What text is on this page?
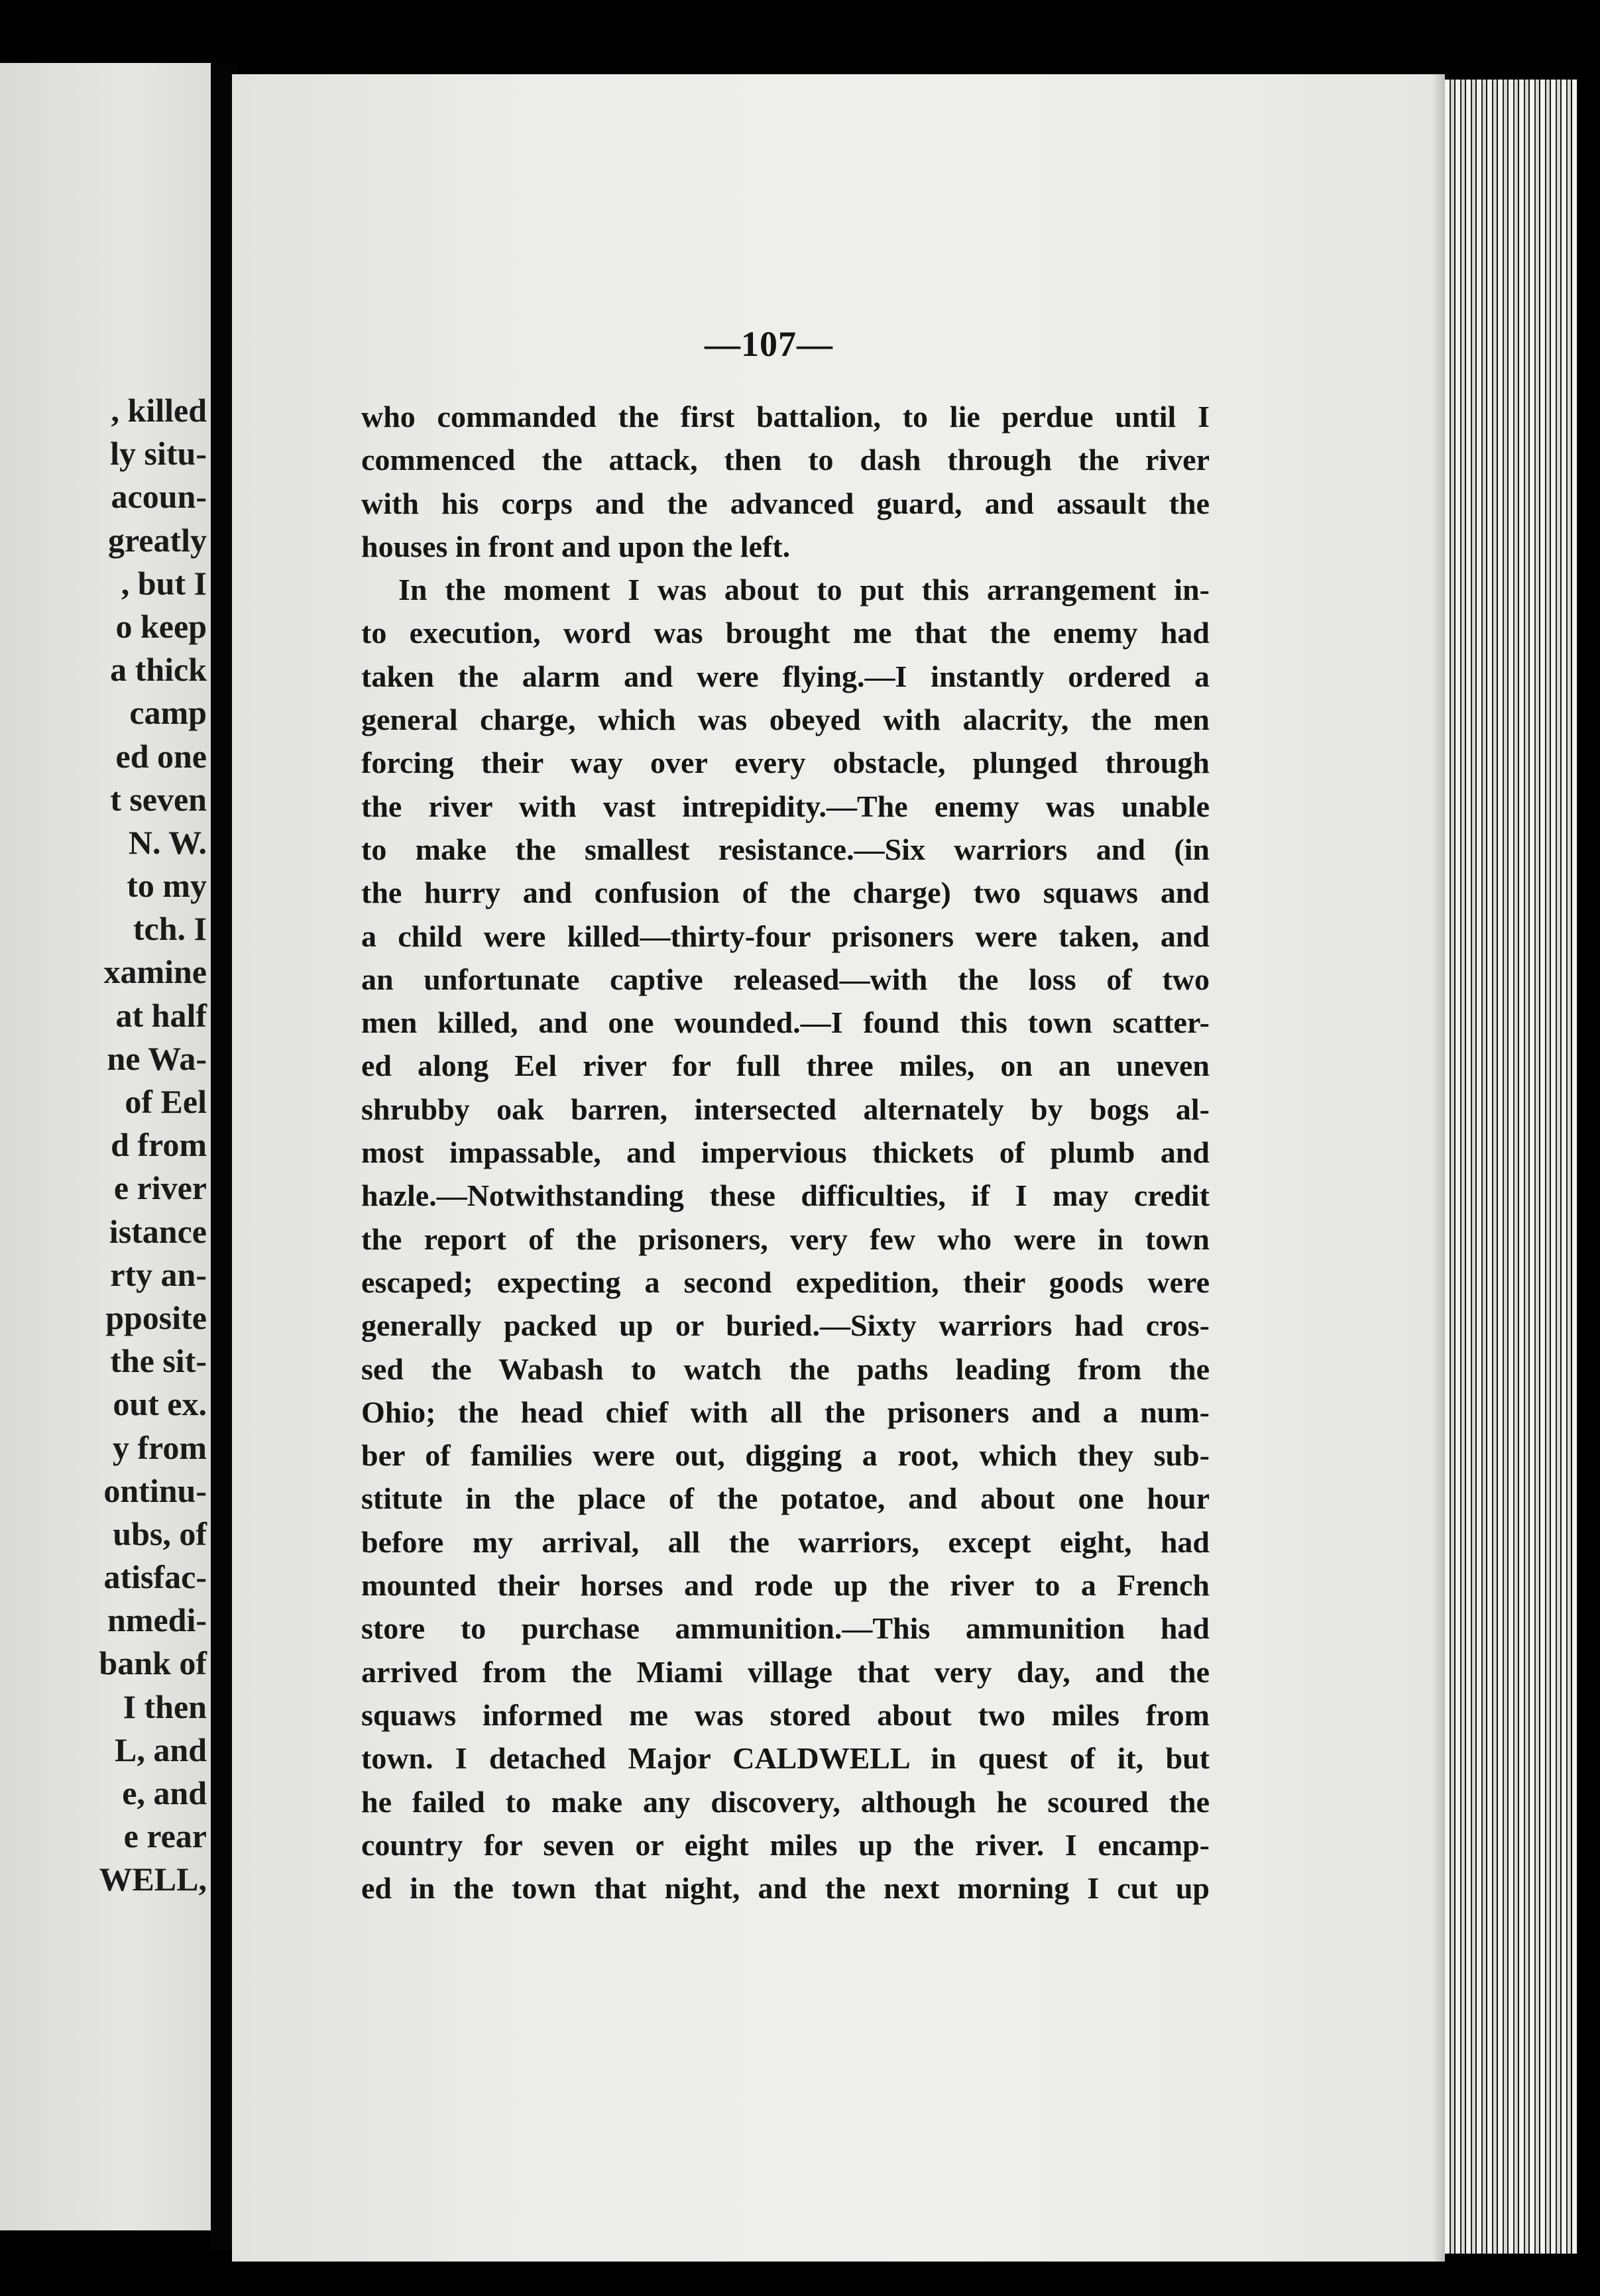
, killed
ly situ-
acoun-
greatly
, but I
o keep
a thick
camp
ed one
t seven
N. W.
to my
tch. I
xamine
at half
ne Wa-
of Eel
d from
e river
istance
rty an-
pposite
the sit-
out ex.
y from
ontinu-
ubs, of
atisfac-
nmedi-
bank of
I then
L, and
e, and
e rear
WELL,
—107—
who commanded the first battalion, to lie perdue until I
commenced the attack, then to dash through the river
with his corps and the advanced guard, and assault the
houses in front and upon the left.
In the moment I was about to put this arrangement in-
to execution, word was brought me that the enemy had
taken the alarm and were flying.—I instantly ordered a
general charge, which was obeyed with alacrity, the men
forcing their way over every obstacle, plunged through
the river with vast intrepidity.—The enemy was unable
to make the smallest resistance.—Six warriors and (in
the hurry and confusion of the charge) two squaws and
a child were killed—thirty-four prisoners were taken, and
an unfortunate captive released—with the loss of two
men killed, and one wounded.—I found this town scatter-
ed along Eel river for full three miles, on an uneven
shrubby oak barren, intersected alternately by bogs al-
most impassable, and impervious thickets of plumb and
hazle.—Notwithstanding these difficulties, if I may credit
the report of the prisoners, very few who were in town
escaped; expecting a second expedition, their goods were
generally packed up or buried.—Sixty warriors had cros-
sed the Wabash to watch the paths leading from the
Ohio; the head chief with all the prisoners and a num-
ber of families were out, digging a root, which they sub-
stitute in the place of the potatoe, and about one hour
before my arrival, all the warriors, except eight, had
mounted their horses and rode up the river to a French
store to purchase ammunition.—This ammunition had
arrived from the Miami village that very day, and the
squaws informed me was stored about two miles from
town. I detached Major CALDWELL in quest of it, but
he failed to make any discovery, although he scoured the
country for seven or eight miles up the river. I encamp-
ed in the town that night, and the next morning I cut up
